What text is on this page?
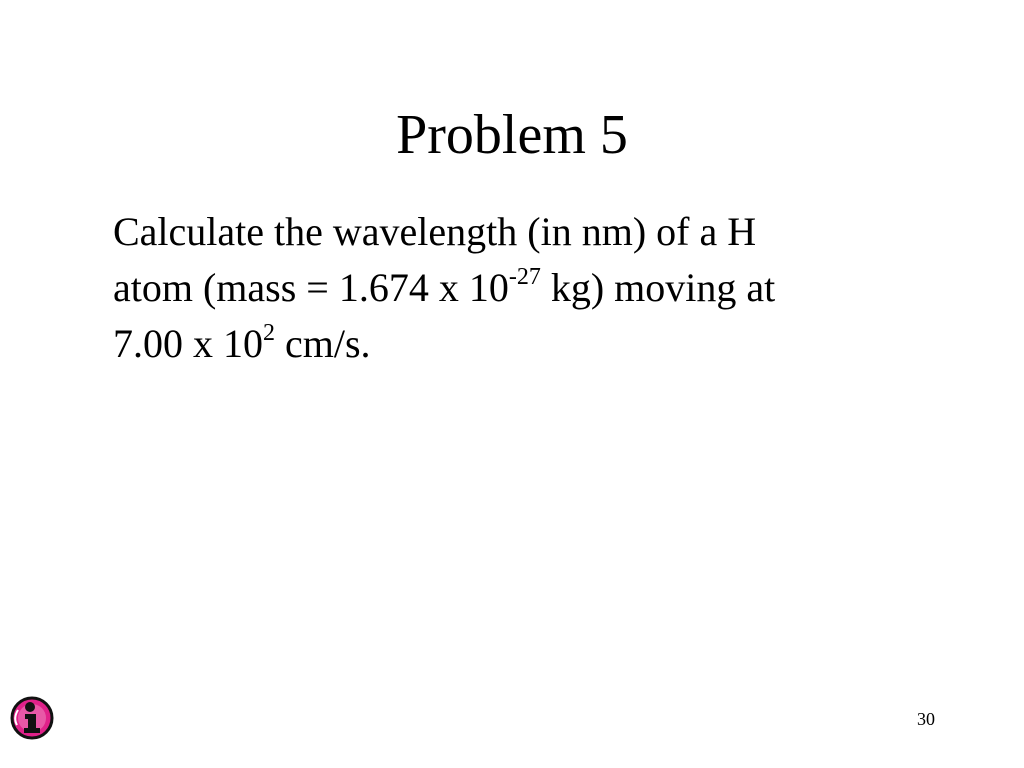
Problem 5
Calculate the wavelength (in nm) of a H
atom (mass = 1.674 x $10^{-27}$ kg) moving at
7.00 x $10^2$ cm/s.
30
